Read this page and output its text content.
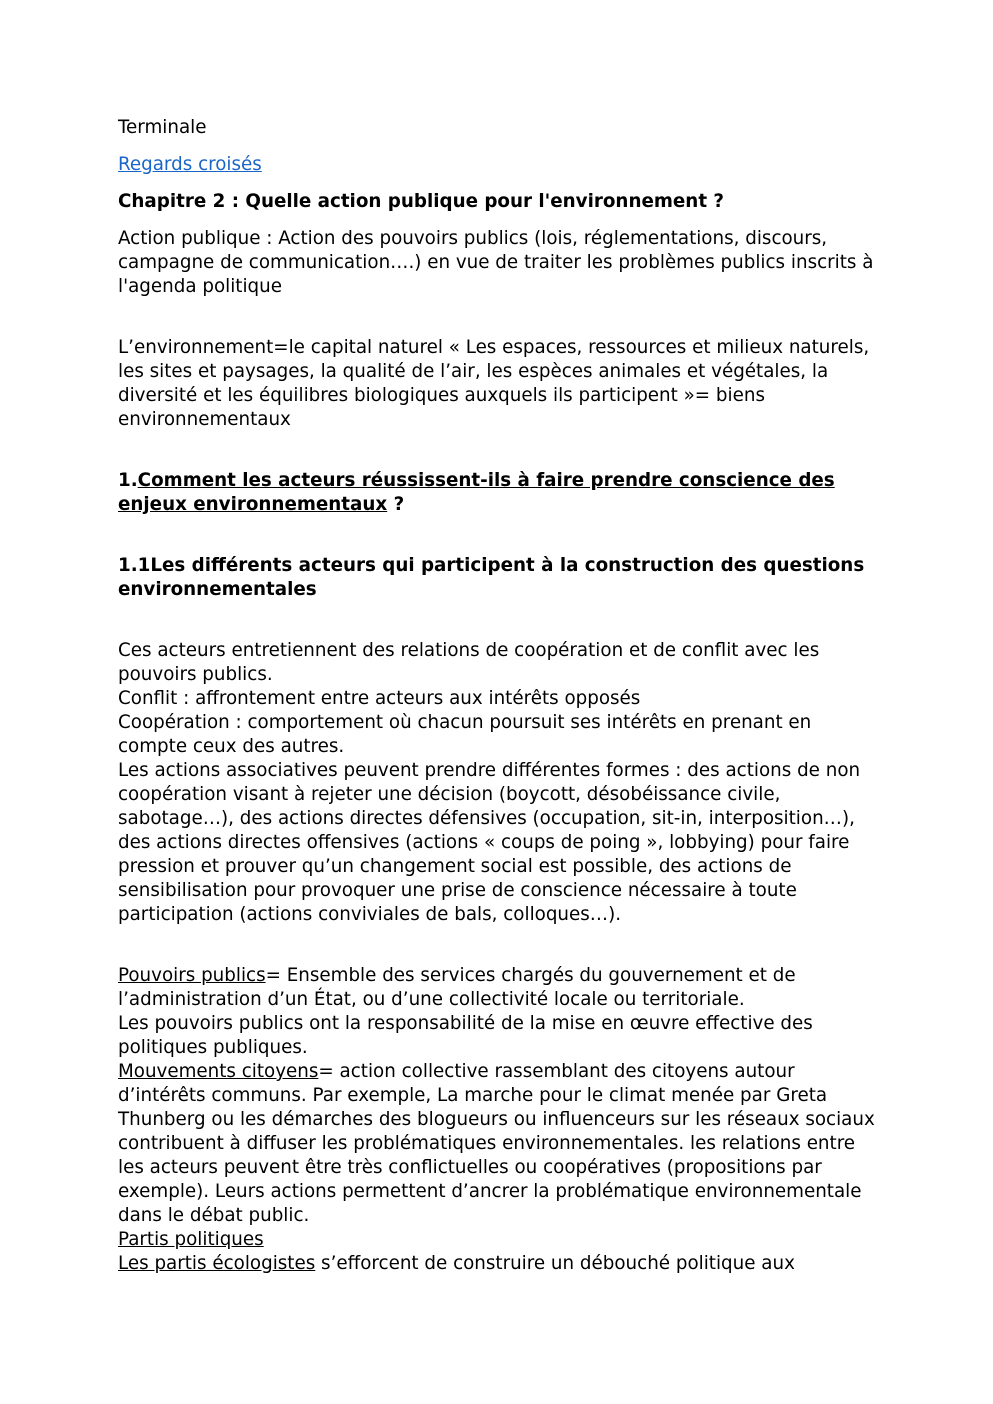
Terminale

Regards croisés

Chapitre 2 : Quelle action publique pour l'environnement ?

Action publique : Action des pouvoirs publics (lois, réglementations, discours, campagne de communication….) en vue de traiter les problèmes publics inscrits à l'agenda politique

L’environnement=le capital naturel « Les espaces, ressources et milieux naturels, les sites et paysages, la qualité de l’air, les espèces animales et végétales, la diversité et les équilibres biologiques auxquels ils participent »= biens environnementaux

1.Comment les acteurs réussissent-ils à faire prendre conscience des enjeux environnementaux ?

1.1Les différents acteurs qui participent à la construction des questions environnementales

Ces acteurs entretiennent des relations de coopération et de conflit avec les pouvoirs publics.
Conflit : affrontement entre acteurs aux intérêts opposés
Coopération : comportement où chacun poursuit ses intérêts en prenant en compte ceux des autres.
Les actions associatives peuvent prendre différentes formes : des actions de non coopération visant à rejeter une décision (boycott, désobéissance civile, sabotage…), des actions directes défensives (occupation, sit-in, interposition…), des actions directes offensives (actions « coups de poing », lobbying) pour faire pression et prouver qu’un changement social est possible, des actions de sensibilisation pour provoquer une prise de conscience nécessaire à toute participation (actions conviviales de bals, colloques…).
Pouvoirs publics= Ensemble des services chargés du gouvernement et de l’administration d’un État, ou d’une collectivité locale ou territoriale.
Les pouvoirs publics ont la responsabilité de la mise en œuvre effective des politiques publiques.
Mouvements citoyens= action collective rassemblant des citoyens autour d’intérêts communs. Par exemple, La marche pour le climat menée par Greta Thunberg ou les démarches des blogueurs ou influenceurs sur les réseaux sociaux contribuent à diffuser les problématiques environnementales. les relations entre les acteurs peuvent être très conflictuelles ou coopératives (propositions par exemple). Leurs actions permettent d’ancrer la problématique environnementale dans le débat public.
Partis politiques
Les partis écologistes s’efforcent de construire un débouché politique aux
